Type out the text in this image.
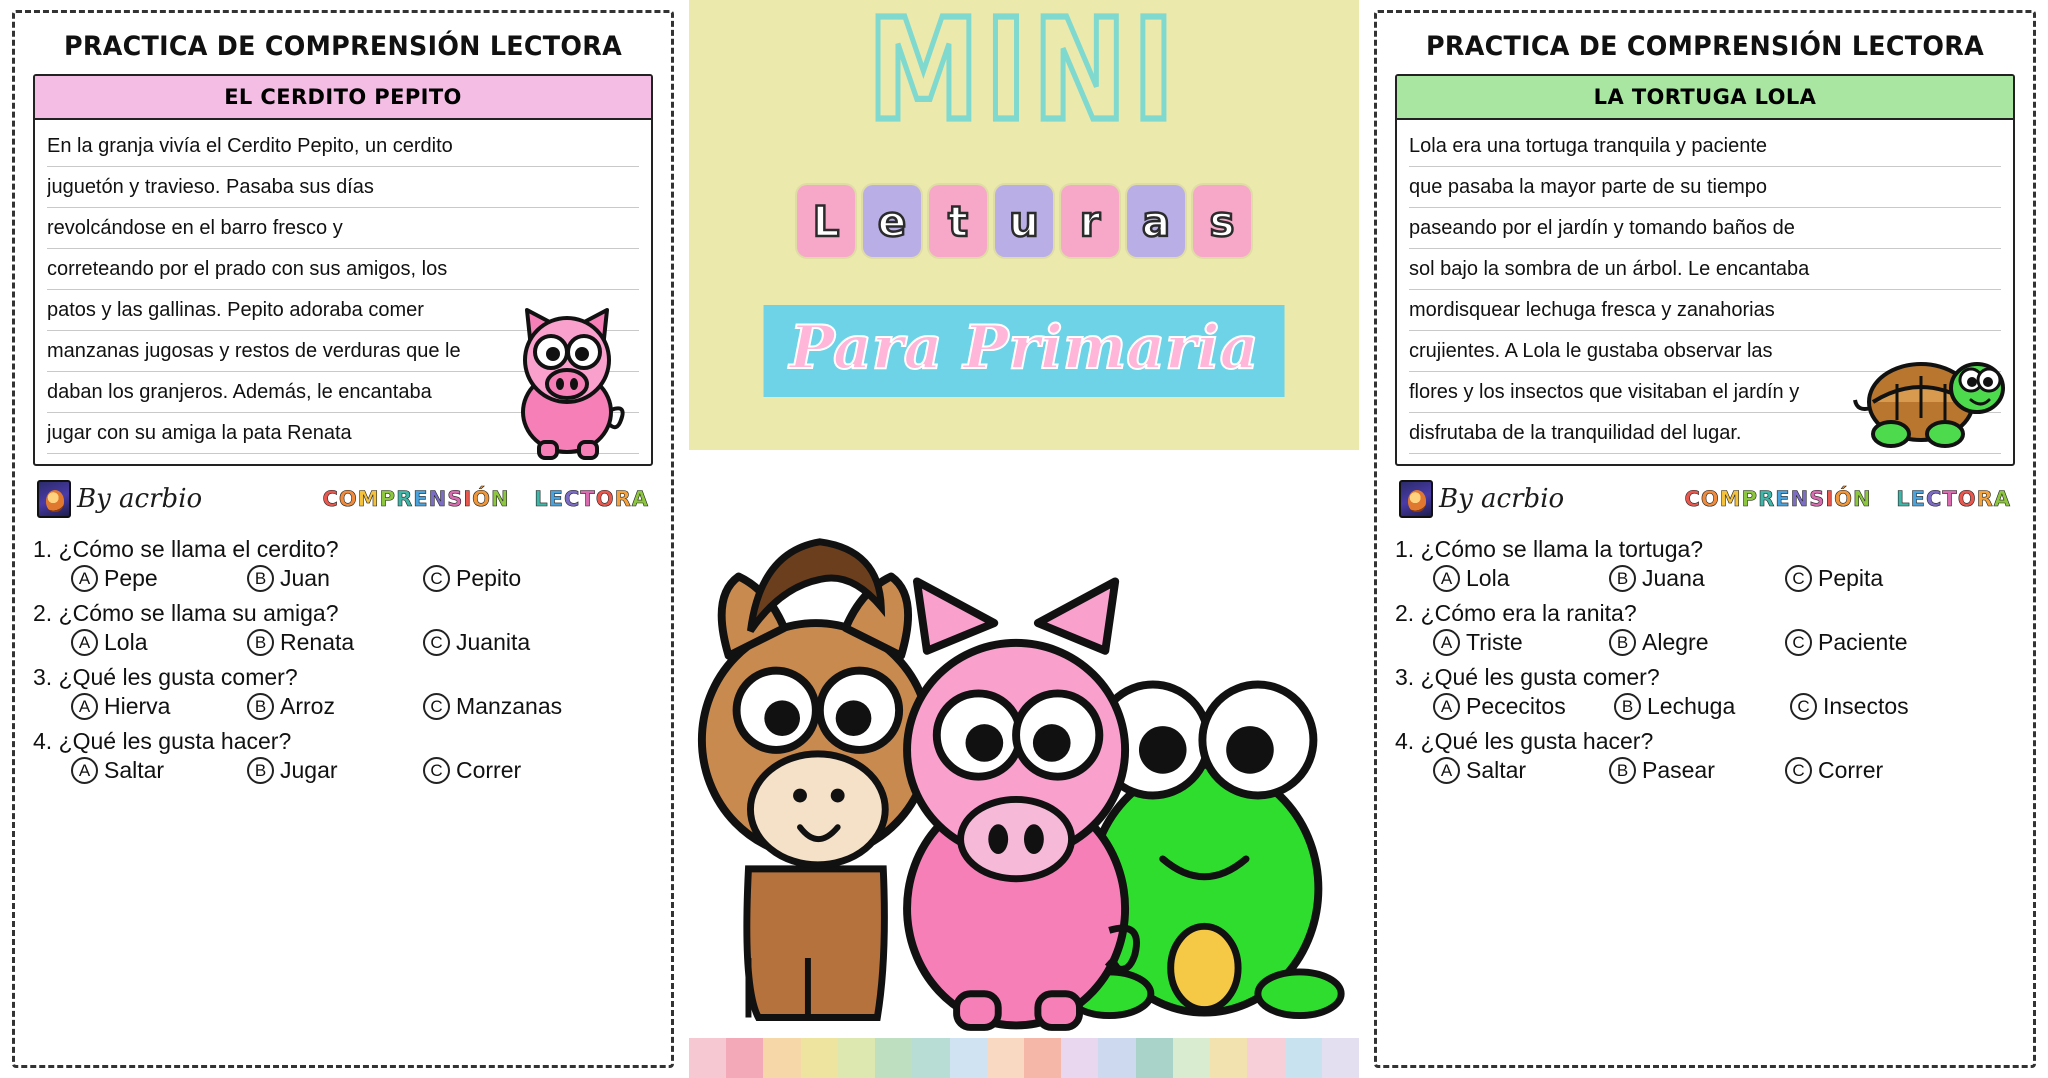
PRACTICA DE COMPRENSIÓN LECTORA
EL CERDITO PEPITO
En la granja vivía el Cerdito Pepito, un cerdito
juguetón y travieso. Pasaba sus días
revolcándose en el barro fresco y
correteando por el prado con sus amigos, los
patos y las gallinas. Pepito adoraba comer
manzanas jugosas y restos de verduras que le
daban los granjeros. Además, le encantaba
jugar con su amiga la pata Renata
By acrbio	COMPRENSIÓN LECTORA
1. ¿Cómo se llama el cerdito?
A Pepe	B Juan	C Pepito
2. ¿Cómo se llama su amiga?
A Lola	B Renata	C Juanita
3. ¿Qué les gusta comer?
A Hierva	B Arroz	C Manzanas
4. ¿Qué les gusta hacer?
A Saltar	B Jugar	C Correr
MINI
L e t u r a s
Para Primaria
PRACTICA DE COMPRENSIÓN LECTORA
LA TORTUGA LOLA
Lola era una tortuga tranquila y paciente
que pasaba la mayor parte de su tiempo
paseando por el jardín y tomando baños de
sol bajo la sombra de un árbol. Le encantaba
mordisquear lechuga fresca y zanahorias
crujientes. A Lola le gustaba observar las
flores y los insectos que visitaban el jardín y
disfrutaba de la tranquilidad del lugar.
By acrbio	COMPRENSIÓN LECTORA
1. ¿Cómo se llama la tortuga?
A Lola	B Juana	C Pepita
2. ¿Cómo era la ranita?
A Triste	B Alegre	C Paciente
3. ¿Qué les gusta comer?
A Pececitos	B Lechuga	C Insectos
4. ¿Qué les gusta hacer?
A Saltar	B Pasear	C Correr
